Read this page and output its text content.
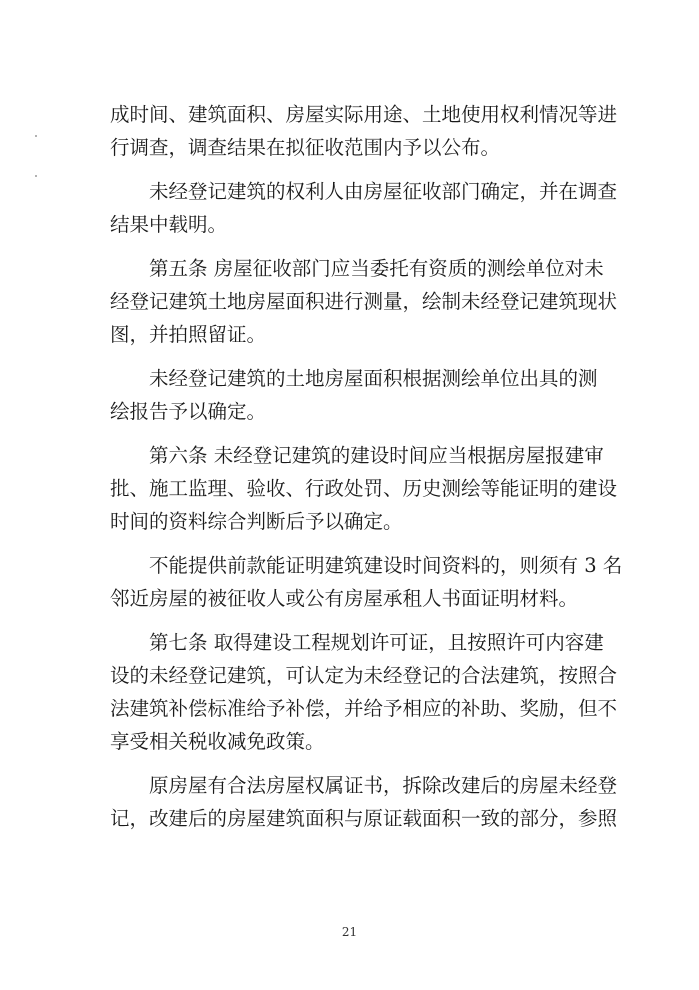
成时间、建筑面积、房屋实际用途、土地使用权利情况等进
行调查，调查结果在拟征收范围内予以公布。
未经登记建筑的权利人由房屋征收部门确定，并在调查
结果中载明。
第五条 房屋征收部门应当委托有资质的测绘单位对未
经登记建筑土地房屋面积进行测量，绘制未经登记建筑现状
图，并拍照留证。
未经登记建筑的土地房屋面积根据测绘单位出具的测
绘报告予以确定。
第六条 未经登记建筑的建设时间应当根据房屋报建审
批、施工监理、验收、行政处罚、历史测绘等能证明的建设
时间的资料综合判断后予以确定。
不能提供前款能证明建筑建设时间资料的，则须有 3 名
邻近房屋的被征收人或公有房屋承租人书面证明材料。
第七条 取得建设工程规划许可证，且按照许可内容建
设的未经登记建筑，可认定为未经登记的合法建筑，按照合
法建筑补偿标准给予补偿，并给予相应的补助、奖励，但不
享受相关税收减免政策。
原房屋有合法房屋权属证书，拆除改建后的房屋未经登
记，改建后的房屋建筑面积与原证载面积一致的部分，参照
21
